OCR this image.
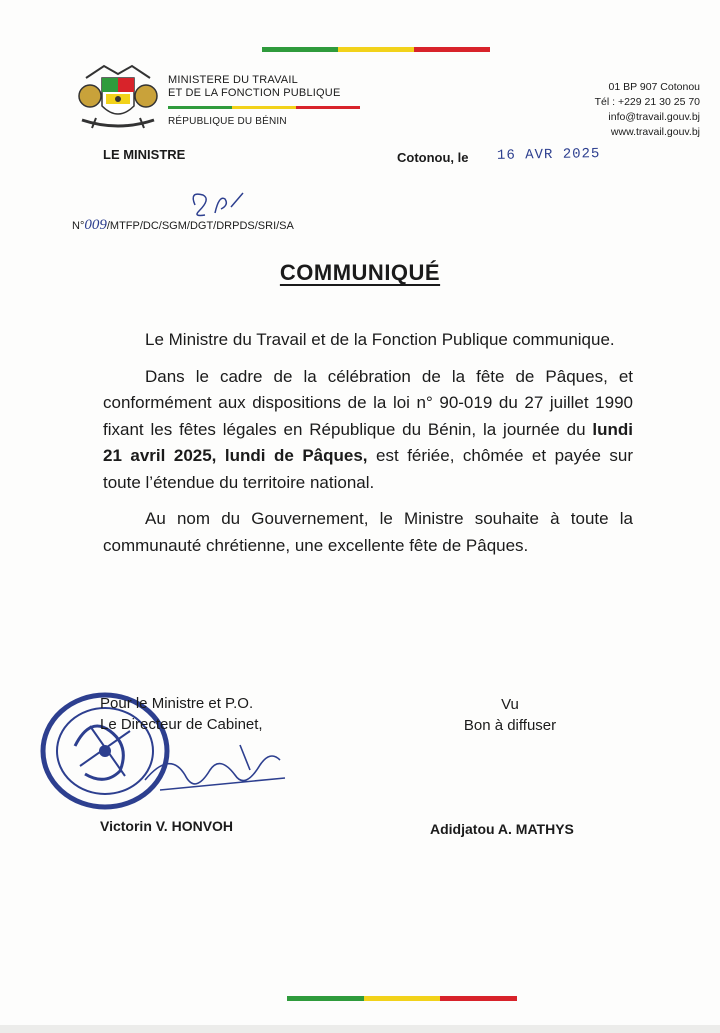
MINISTERE DU TRAVAIL
ET DE LA FONCTION PUBLIQUE
RÉPUBLIQUE DU BÉNIN
01 BP 907 Cotonou
Tél : +229 21 30 25 70
info@travail.gouv.bj
www.travail.gouv.bj
LE MINISTRE	Cotonou, le 16 AVR 2025
N°009/MTFP/DC/SGM/DGT/DRPDS/SRI/SA
COMMUNIQUÉ

Le Ministre du Travail et de la Fonction Publique communique.

Dans le cadre de la célébration de la fête de Pâques, et conformément aux dispositions de la loi n° 90-019 du 27 juillet 1990 fixant les fêtes légales en République du Bénin, la journée du lundi 21 avril 2025, lundi de Pâques, est fériée, chômée et payée sur toute l’étendue du territoire national.

Au nom du Gouvernement, le Ministre souhaite à toute la communauté chrétienne, une excellente fête de Pâques.

Pour le Ministre et P.O.
Le Directeur de Cabinet,
Vu
Bon à diffuser
Victorin V. HONVOH	Adidjatou A. MATHYS
